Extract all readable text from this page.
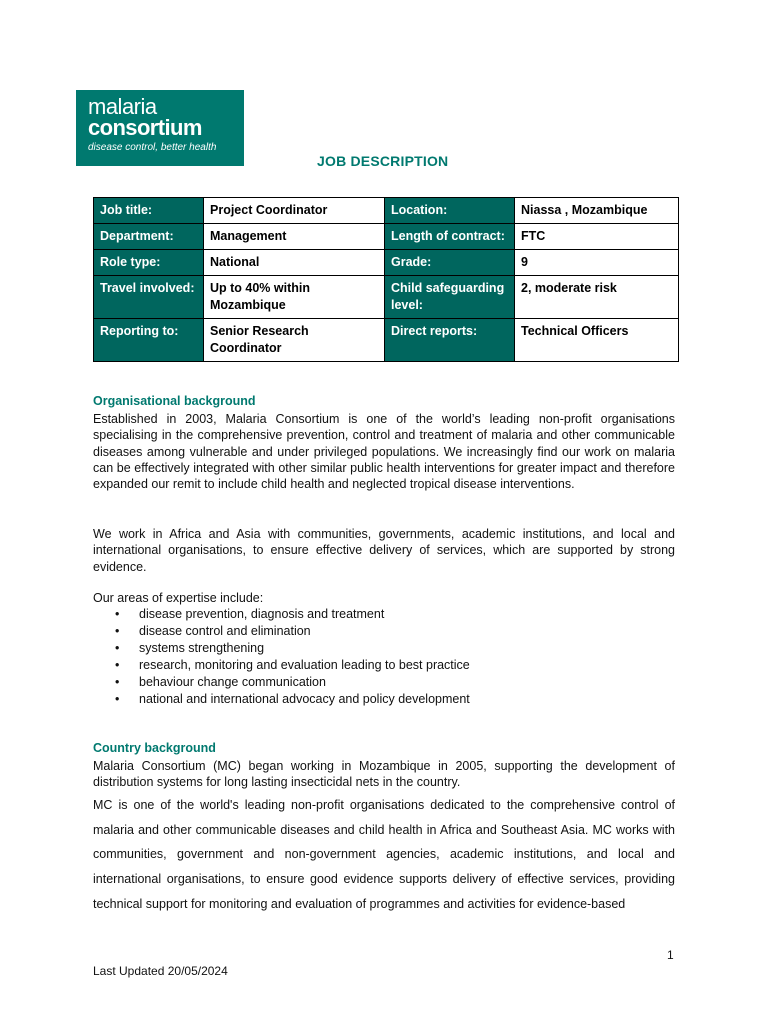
malaria
consortium
disease control, better health
JOB DESCRIPTION
Job title:	Project Coordinator	Location:	Niassa , Mozambique
Department:	Management	Length of contract:	FTC
Role type:	National	Grade:	9
Travel involved:	Up to 40% within Mozambique	Child safeguarding level:	2, moderate risk
Reporting to:	Senior Research Coordinator	Direct reports:	Technical Officers
Organisational background

Established in 2003, Malaria Consortium is one of the world’s leading non-profit organisations specialising in the comprehensive prevention, control and treatment of malaria and other communicable diseases among vulnerable and under privileged populations. We increasingly find our work on malaria can be effectively integrated with other similar public health interventions for greater impact and therefore expanded our remit to include child health and neglected tropical disease interventions.

We work in Africa and Asia with communities, governments, academic institutions, and local and international organisations, to ensure effective delivery of services, which are supported by strong evidence.

Our areas of expertise include:

• disease prevention, diagnosis and treatment
• disease control and elimination
• systems strengthening
• research, monitoring and evaluation leading to best practice
• behaviour change communication
• national and international advocacy and policy development
Country background

Malaria Consortium (MC) began working in Mozambique in 2005, supporting the development of distribution systems for long lasting insecticidal nets in the country.

MC is one of the world's leading non-profit organisations dedicated to the comprehensive control of malaria and other communicable diseases and child health in Africa and Southeast Asia. MC works with communities, government and non-government agencies, academic institutions, and local and international organisations, to ensure good evidence supports delivery of effective services, providing technical support for monitoring and evaluation of programmes and activities for evidence-based

1
Last Updated 20/05/2024
